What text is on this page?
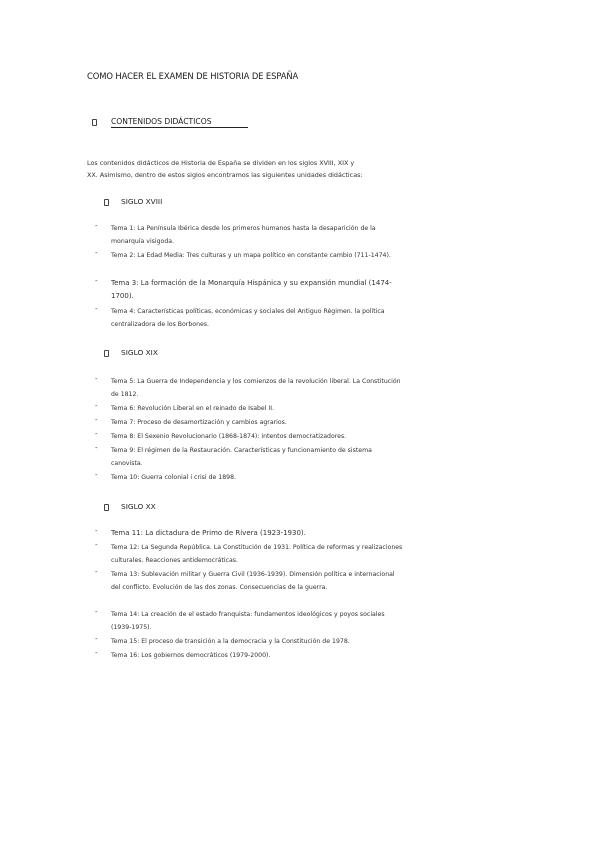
COMO HACER EL EXAMEN DE HISTORIA DE ESPAÑA
CONTENIDOS DIDÁCTICOS
Los contenidos didácticos de Historia de España se dividen en los siglos XVIII, XIX y
XX. Asimismo, dentro de estos siglos encontramos las siguientes unidades didácticas:
SIGLO XVIII
- Tema 1: La Península Ibérica desde los primeros humanos hasta la desaparición de la monarquía visigoda.
- Tema 2: La Edad Media: Tres culturas y un mapa político en constante cambio (711-1474).
- Tema 3: La formación de la Monarquía Hispánica y su expansión mundial (1474-1700).
- Tema 4: Características políticas, económicas y sociales del Antiguo Régimen. la política centralizadora de los Borbones.
SIGLO XIX
- Tema 5: La Guerra de Independencia y los comienzos de la revolución liberal. La Constitución de 1812.
- Tema 6: Revolución Liberal en el reinado de Isabel II.
- Tema 7: Proceso de desamortización y cambios agrarios.
- Tema 8: El Sexenio Revolucionario (1868-1874): intentos democratizadores.
- Tema 9: El régimen de la Restauración. Características y funcionamiento de sistema canovista.
- Tema 10: Guerra colonial i crisi de 1898.
SIGLO XX
- Tema 11: La dictadura de Primo de Rivera (1923-1930).
- Tema 12: La Segunda República. La Constitución de 1931. Política de reformas y realizaciones culturales. Reacciones antidemocráticas.
- Tema 13: Sublevación militar y Guerra Civil (1936-1939). Dimensión política e internacional del conflicto. Evolución de las dos zonas. Consecuencias de la guerra.
- Tema 14: La creación de el estado franquista: fundamentos ideológicos y poyos sociales (1939-1975).
- Tema 15: El proceso de transición a la democracia y la Constitución de 1978.
- Tema 16: Los gobiernos democráticos (1979-2000).
